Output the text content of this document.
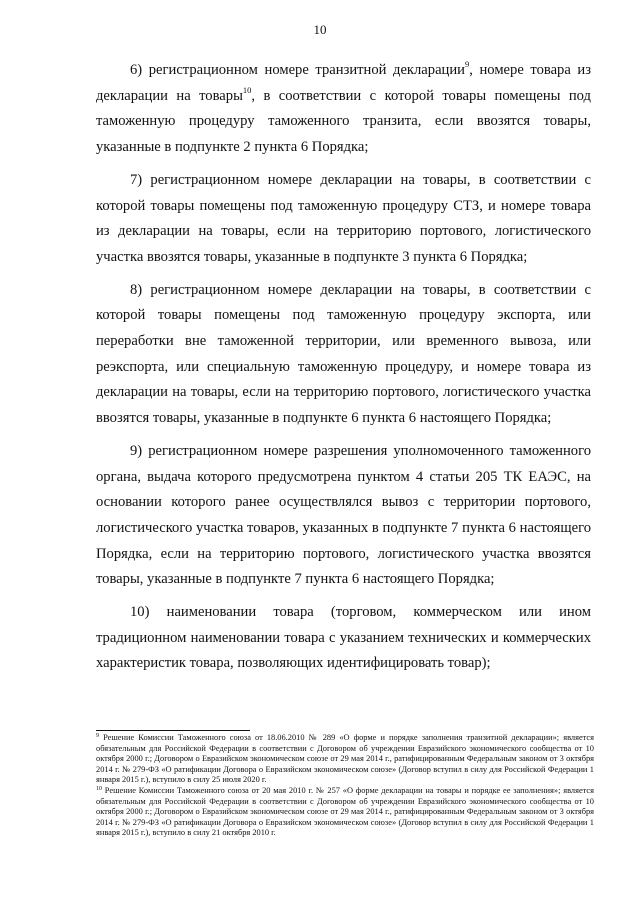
10

6) регистрационном номере транзитной декларации$^9$, номере товара из декларации на товары$^{10}$, в соответствии с которой товары помещены под таможенную процедуру таможенного транзита, если ввозятся товары, указанные в подпункте 2 пункта 6 Порядка;

7) регистрационном номере декларации на товары, в соответствии с которой товары помещены под таможенную процедуру СТЗ, и номере товара из декларации на товары, если на территорию портового, логистического участка ввозятся товары, указанные в подпункте 3 пункта 6 Порядка;

8) регистрационном номере декларации на товары, в соответствии с которой товары помещены под таможенную процедуру экспорта, или переработки вне таможенной территории, или временного вывоза, или реэкспорта, или специальную таможенную процедуру, и номере товара из декларации на товары, если на территорию портового, логистического участка ввозятся товары, указанные в подпункте 6 пункта 6 настоящего Порядка;

9) регистрационном номере разрешения уполномоченного таможенного органа, выдача которого предусмотрена пунктом 4 статьи 205 ТК ЕАЭС, на основании которого ранее осуществлялся вывоз с территории портового, логистического участка товаров, указанных в подпункте 7 пункта 6 настоящего Порядка, если на территорию портового, логистического участка ввозятся товары, указанные в подпункте 7 пункта 6 настоящего Порядка;

10) наименовании товара (торговом, коммерческом или ином традиционном наименовании товара с указанием технических и коммерческих характеристик товара, позволяющих идентифицировать товар);

$^9$ Решение Комиссии Таможенного союза от 18.06.2010 № 289 «О форме и порядке заполнения транзитной декларации»; является обязательным для Российской Федерации в соответствии с Договором об учреждении Евразийского экономического сообщества от 10 октября 2000 г.; Договором о Евразийском экономическом союзе от 29 мая 2014 г., ратифицированным Федеральным законом от 3 октября 2014 г. № 279-ФЗ «О ратификации Договора о Евразийском экономическом союзе» (Договор вступил в силу для Российской Федерации 1 января 2015 г.), вступило в силу 25 июля 2020 г.

$^{10}$ Решение Комиссии Таможенного союза от 20 мая 2010 г. № 257 «О форме декларации на товары и порядке ее заполнения»; является обязательным для Российской Федерации в соответствии с Договором об учреждении Евразийского экономического сообщества от 10 октября 2000 г.; Договором о Евразийском экономическом союзе от 29 мая 2014 г., ратифицированным Федеральным законом от 3 октября 2014 г. № 279-ФЗ «О ратификации Договора о Евразийском экономическом союзе» (Договор вступил в силу для Российской Федерации 1 января 2015 г.), вступило в силу 21 октября 2010 г.
